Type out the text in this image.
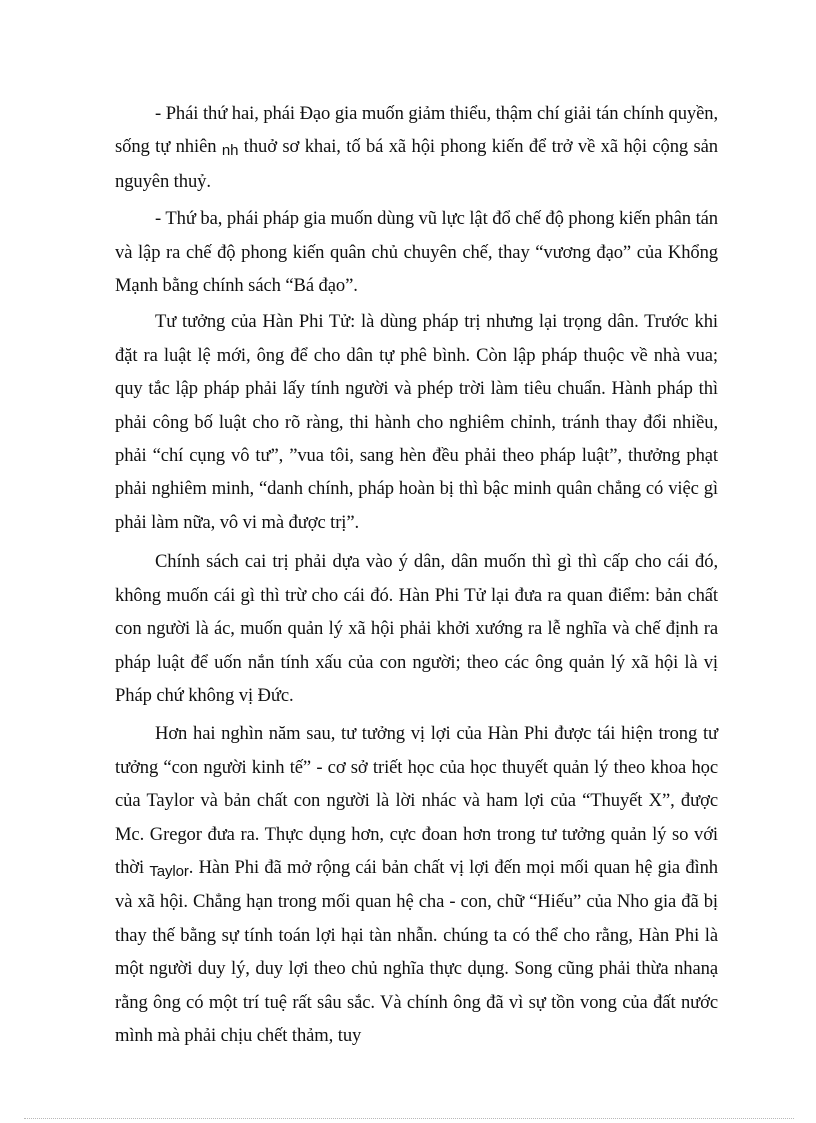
- Phái thứ hai, phái Đạo gia muốn giảm thiểu, thậm chí giải tán chính quyền, sống tự nhiên nh thuở sơ khai, tố bá xã hội phong kiến để trở về xã hội cộng sản nguyên thuỷ.

- Thứ ba, phái pháp gia muốn dùng vũ lực lật đổ chế độ phong kiến phân tán và lập ra chế độ phong kiến quân chủ chuyên chế, thay “vương đạo” của Khổng Mạnh bằng chính sách “Bá đạo”.

Tư tưởng của Hàn Phi Tử: là dùng pháp trị nhưng lại trọng dân. Trước khi đặt ra luật lệ mới, ông để cho dân tự phê bình. Còn lập pháp thuộc về nhà vua; quy tắc lập pháp phải lấy tính người và phép trời làm tiêu chuẩn. Hành pháp thì phải công bố luật cho rõ ràng, thi hành cho nghiêm chỉnh, tránh thay đổi nhiều, phải “chí cụng vô tư”, ”vua tôi, sang hèn đều phải theo pháp luật”, thưởng phạt phải nghiêm minh, “danh chính, pháp hoàn bị thì bậc minh quân chẳng có việc gì phải làm nữa, vô vi mà được trị”.

Chính sách cai trị phải dựa vào ý dân, dân muốn thì gì thì cấp cho cái đó, không muốn cái gì thì trừ cho cái đó. Hàn Phi Tử lại đưa ra quan điểm: bản chất con người là ác, muốn quản lý xã hội phải khởi xướng ra lễ nghĩa và chế định ra pháp luật để uốn nắn tính xấu của con người; theo các ông quản lý xã hội là vị Pháp chứ không vị Đức.

Hơn hai nghìn năm sau, tư tưởng vị lợi của Hàn Phi được tái hiện trong tư tưởng “con người kinh tế” - cơ sở triết học của học thuyết quản lý theo khoa học của Taylor và bản chất con người là lời nhác và ham lợi của “Thuyết X”, được Mc. Gregor đưa ra. Thực dụng hơn, cực đoan hơn trong tư tưởng quản lý so với thời Taylor. Hàn Phi đã mở rộng cái bản chất vị lợi đến mọi mối quan hệ gia đình và xã hội. Chẳng hạn trong mối quan hệ cha - con, chữ “Hiếu” của Nho gia đã bị thay thế bằng sự tính toán lợi hại tàn nhẫn. chúng ta có thể cho rằng, Hàn Phi là một người duy lý, duy lợi theo chủ nghĩa thực dụng. Song cũng phải thừa nhanạ rằng ông có một trí tuệ rất sâu sắc. Và chính ông đã vì sự tồn vong của đất nước mình mà phải chịu chết thảm, tuy
